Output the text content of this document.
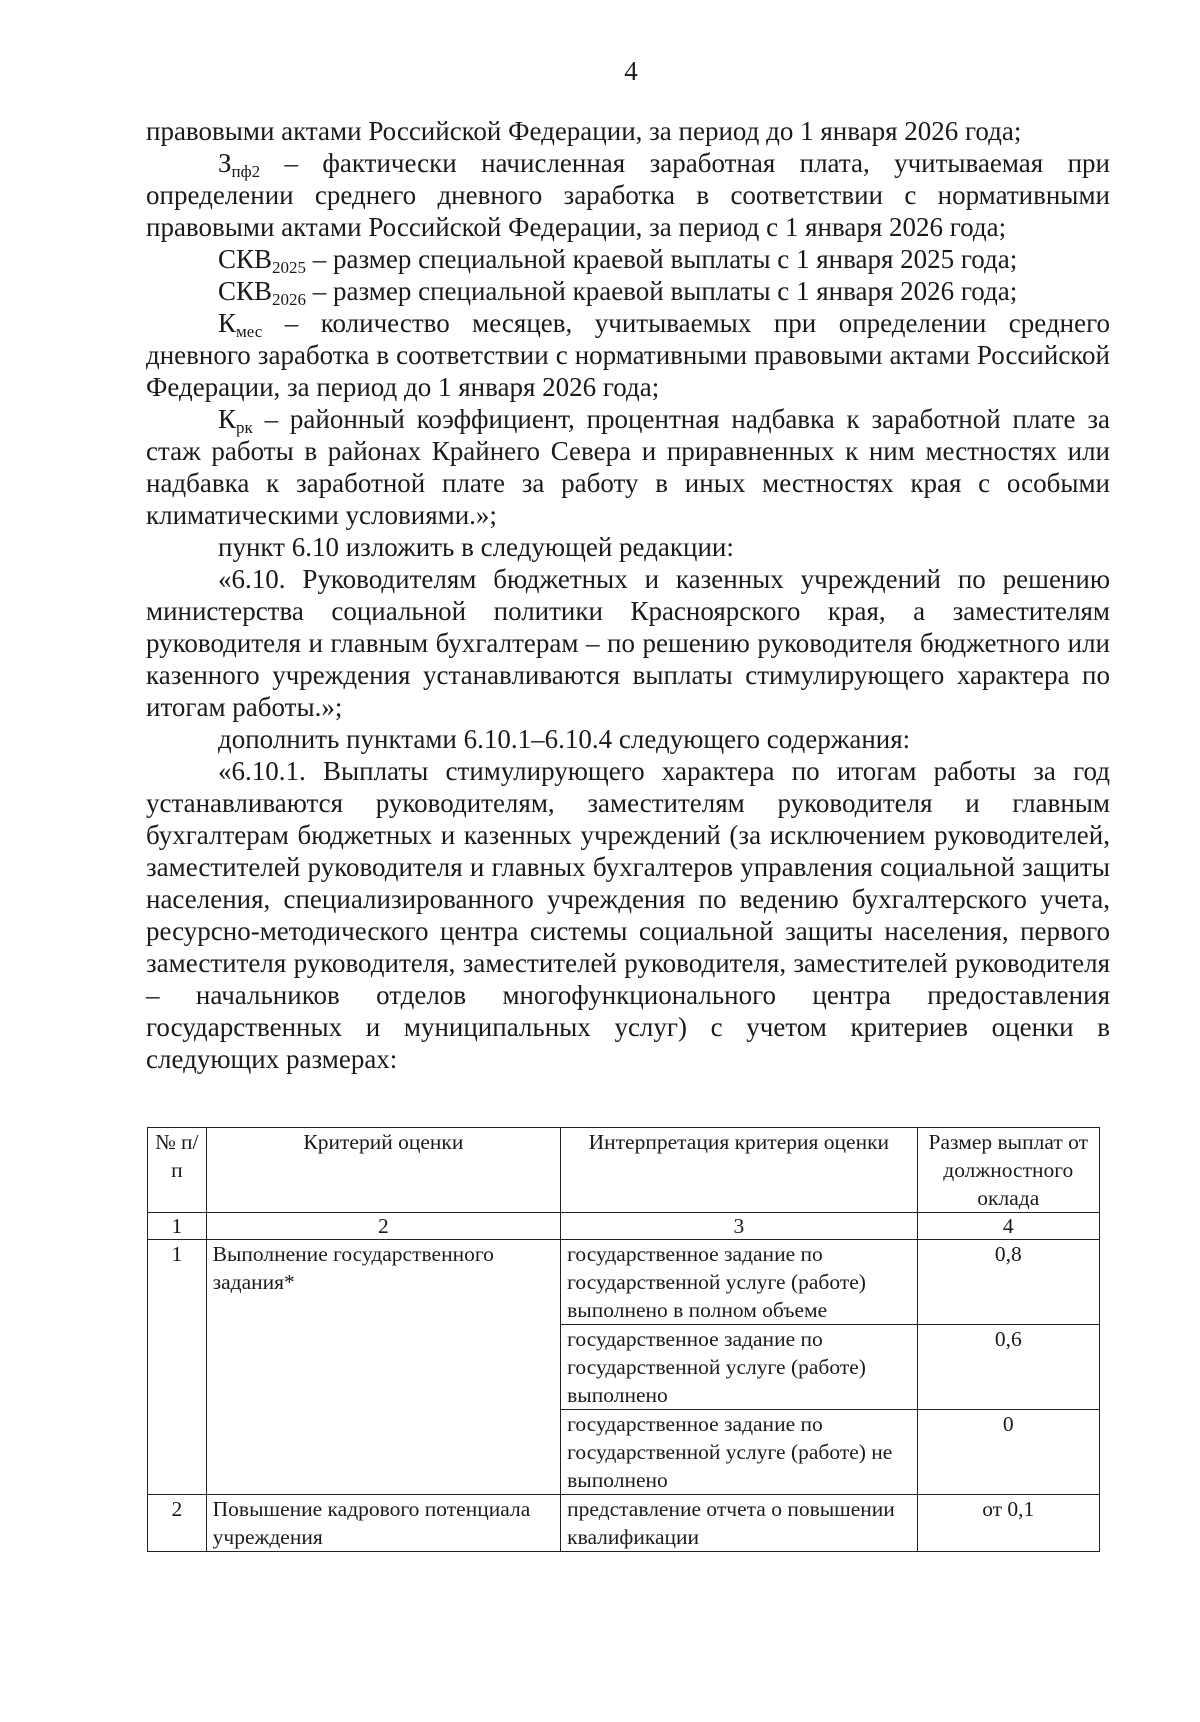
4

правовыми актами Российской Федерации, за период до 1 января 2026 года;

$З_{пф2}$ – фактически начисленная заработная плата, учитываемая при определении среднего дневного заработка в соответствии с нормативными правовыми актами Российской Федерации, за период с 1 января 2026 года;

$СКВ_{2025}$ – размер специальной краевой выплаты с 1 января 2025 года;

$СКВ_{2026}$ – размер специальной краевой выплаты с 1 января 2026 года;

$К_{мес}$ – количество месяцев, учитываемых при определении среднего дневного заработка в соответствии с нормативными правовыми актами Российской Федерации, за период до 1 января 2026 года;

$К_{рк}$ – районный коэффициент, процентная надбавка к заработной плате за стаж работы в районах Крайнего Севера и приравненных к ним местностях или надбавка к заработной плате за работу в иных местностях края с особыми климатическими условиями.»;

пункт 6.10 изложить в следующей редакции:

«6.10. Руководителям бюджетных и казенных учреждений по решению министерства социальной политики Красноярского края, а заместителям руководителя и главным бухгалтерам – по решению руководителя бюджетного или казенного учреждения устанавливаются выплаты стимулирующего характера по итогам работы.»;

дополнить пунктами 6.10.1–6.10.4 следующего содержания:

«6.10.1. Выплаты стимулирующего характера по итогам работы за год устанавливаются руководителям, заместителям руководителя и главным бухгалтерам бюджетных и казенных учреждений (за исключением руководителей, заместителей руководителя и главных бухгалтеров управления социальной защиты населения, специализированного учреждения по ведению бухгалтерского учета, ресурсно-методического центра системы социальной защиты населения, первого заместителя руководителя, заместителей руководителя, заместителей руководителя – начальников отделов многофункционального центра предоставления государственных и муниципальных услуг) с учетом критериев оценки в следующих размерах:

№ п/п	Критерий оценки	Интерпретация критерия оценки	Размер выплат от должностного оклада
1	2	3	4
1	Выполнение государственного задания*	государственное задание по государственной услуге (работе) выполнено в полном объеме	0,8
		государственное задание по государственной услуге (работе) выполнено	0,6
		государственное задание по государственной услуге (работе) не выполнено	0
2	Повышение кадрового потенциала учреждения	представление отчета о повышении квалификации	от 0,1
